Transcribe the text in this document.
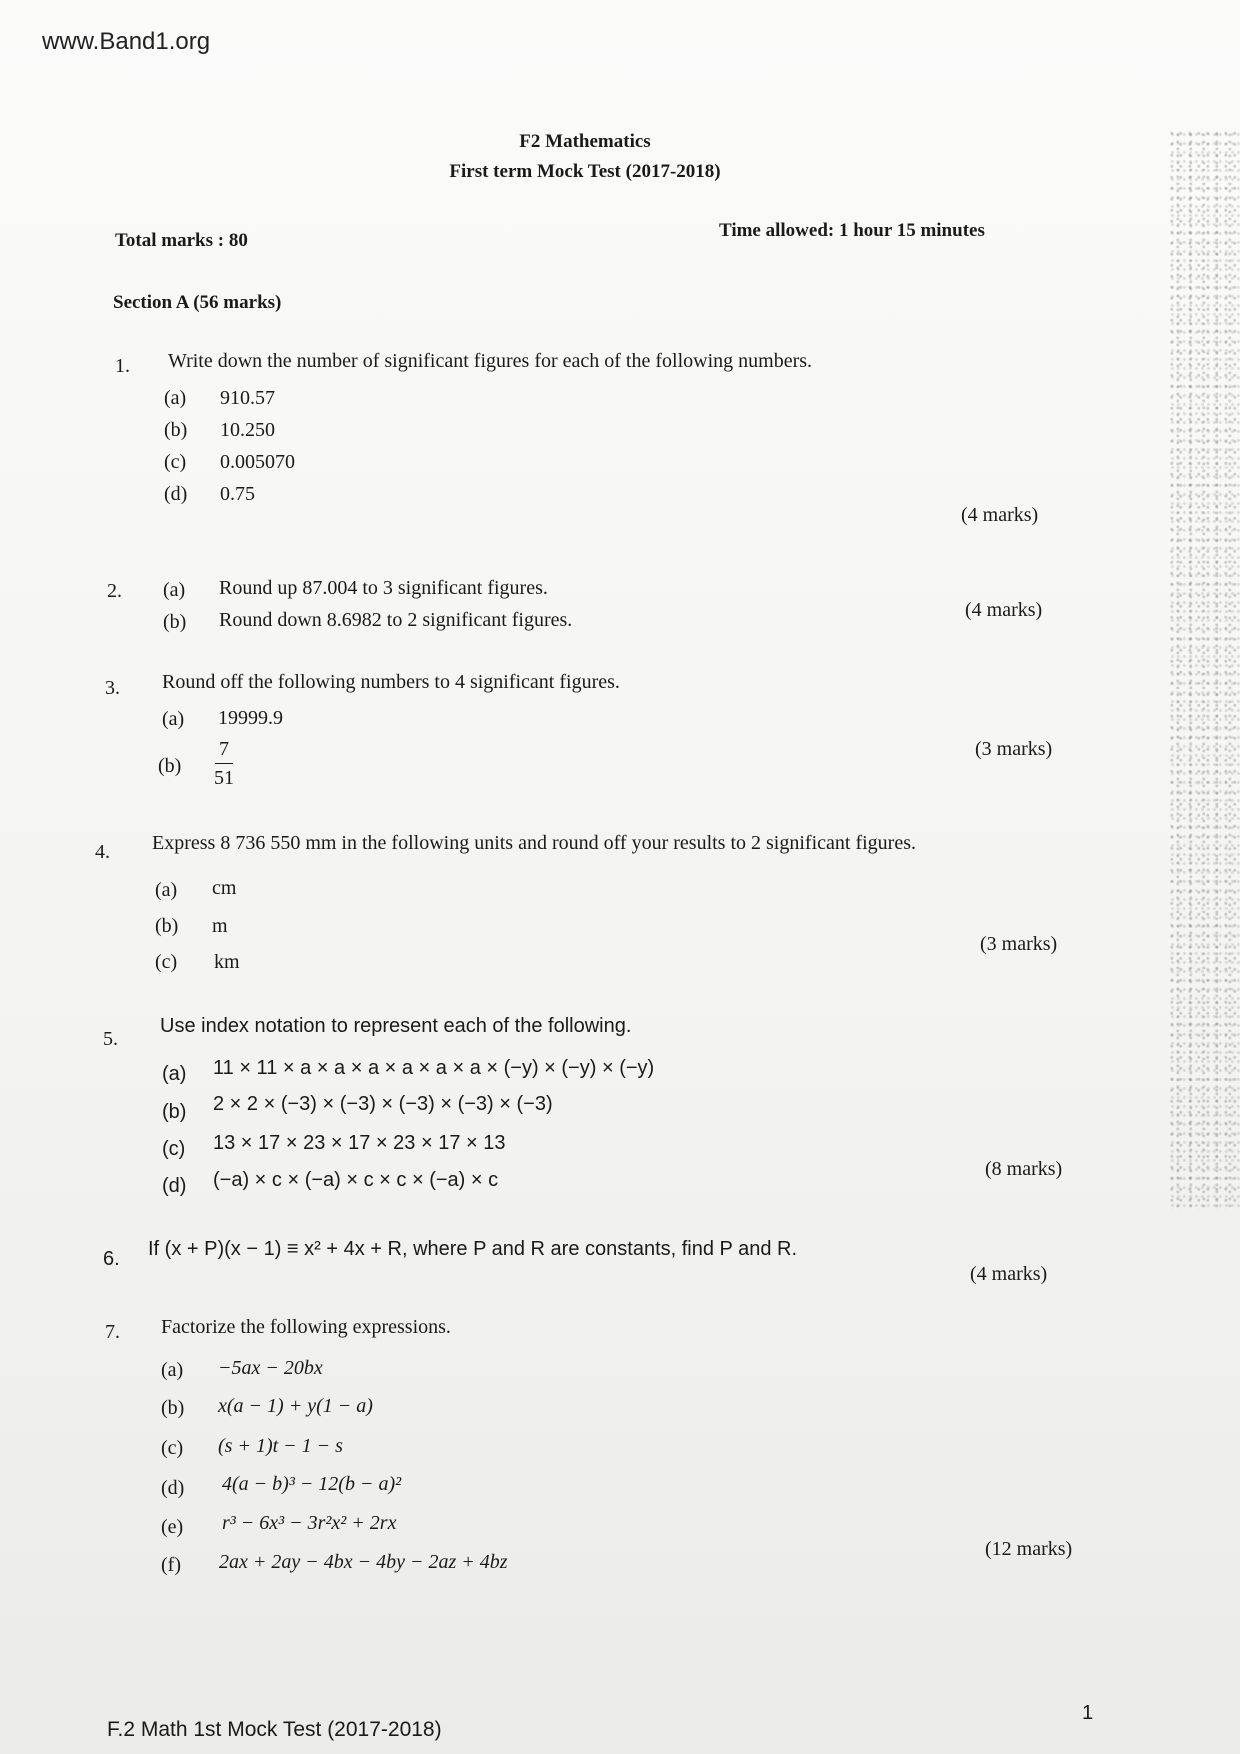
www.Band1.org
F2 Mathematics
First term Mock Test (2017-2018)
Total marks : 80	Time allowed: 1 hour 15 minutes
Section A (56 marks)
1. Write down the number of significant figures for each of the following numbers.
(a) 910.57
(b) 10.250
(c) 0.005070
(d) 0.75
(4 marks)
2. (a) Round up 87.004 to 3 significant figures.
(b) Round down 8.6982 to 2 significant figures.	(4 marks)
3. Round off the following numbers to 4 significant figures.
(a) 19999.9
$(b) \frac{7}{51}$	(3 marks)
4. Express 8 736 550 mm in the following units and round off your results to 2 significant figures.
(a) cm
(b) m
(c) km
(3 marks)
5.
Use index notation to represent each of the following.
(a) 11 × 11 × a × a × a × a × a × a × (−y) × (−y) × (−y)
(b) 2 × 2 × (−3) × (−3) × (−3) × (−3) × (−3)
(c) 13 × 17 × 23 × 17 × 23 × 17 × 13
(d) (−a) × c × (−a) × c × c × (−a) × c	(8 marks)
6. If (x + P)(x − 1) ≡ x² + 4x + R, where P and R are constants, find P and R.
(4 marks)
7. Factorize the following expressions.
(a) −5ax − 20bx
(b) x(a − 1) + y(1 − a)
(c) (s + 1)t − 1 − s
(d) 4(a − b)³ − 12(b − a)²
(e) r³ − 6x³ − 3r²x² + 2rx
(f) 2ax + 2ay − 4bx − 4by − 2az + 4bz
(12 marks)
F.2 Math 1st Mock Test (2017-2018)
1
